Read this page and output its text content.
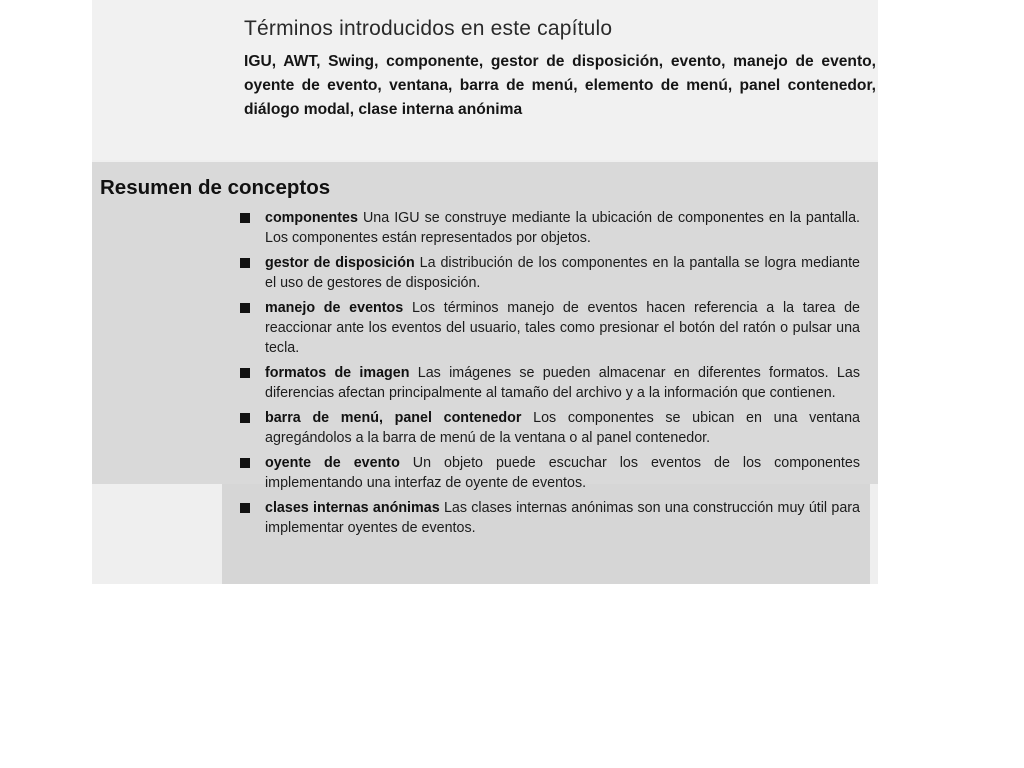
Términos introducidos en este capítulo

IGU, AWT, Swing, componente, gestor de disposición, evento, manejo de evento, oyente de evento, ventana, barra de menú, elemento de menú, panel contenedor, diálogo modal, clase interna anónima

Resumen de conceptos
componentes Una IGU se construye mediante la ubicación de componentes en la pantalla. Los componentes están representados por objetos.
gestor de disposición La distribución de los componentes en la pantalla se logra mediante el uso de gestores de disposición.
manejo de eventos Los términos manejo de eventos hacen referencia a la tarea de reaccionar ante los eventos del usuario, tales como presionar el botón del ratón o pulsar una tecla.
formatos de imagen Las imágenes se pueden almacenar en diferentes formatos. Las diferencias afectan principalmente al tamaño del archivo y a la información que contienen.
barra de menú, panel contenedor Los componentes se ubican en una ventana agregándolos a la barra de menú de la ventana o al panel contenedor.
oyente de evento Un objeto puede escuchar los eventos de los componentes implementando una interfaz de oyente de eventos.
clases internas anónimas Las clases internas anónimas son una construcción muy útil para implementar oyentes de eventos.
